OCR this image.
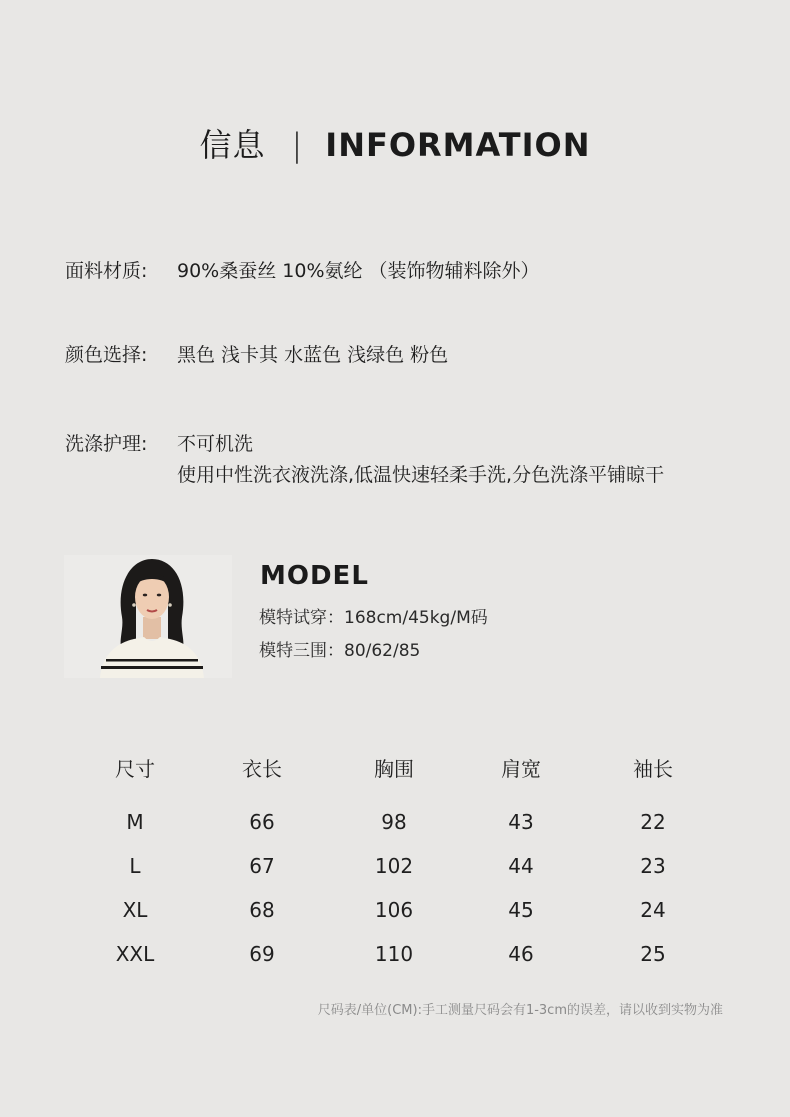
信息 | INFORMATION
面料材质: 90%桑蚕丝 10%氨纶 （装饰物辅料除外）
颜色选择: 黑色 浅卡其 水蓝色 浅绿色 粉色
洗涤护理: 不可机洗
使用中性洗衣液洗涤,低温快速轻柔手洗,分色洗涤平铺晾干
MODEL
模特试穿：168cm/45kg/M码
模特三围：80/62/85
尺寸	衣长	胸围	肩宽	袖长
M	66	98	43	22
L	67	102	44	23
XL	68	106	45	24
XXL	69	110	46	25
尺码表/单位(CM):手工测量尺码会有1-3cm的误差，请以收到实物为准
